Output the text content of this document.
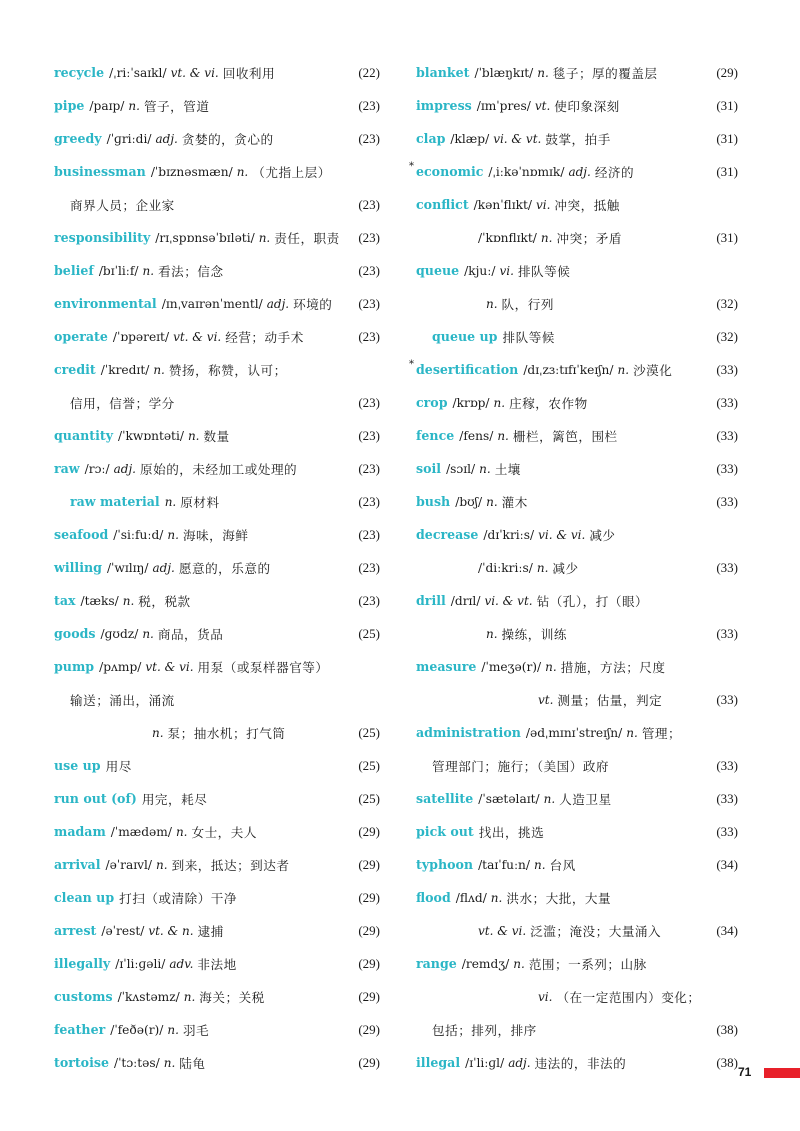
recycle /ˌriːˈsaɪkl/ vt. & vi. 回收利用	(22)
pipe /paɪp/ n. 管子，管道	(23)
greedy /ˈɡriːdi/ adj. 贪婪的，贪心的	(23)
businessman /ˈbɪznəsmæn/ n. （尤指上层）
商界人员；企业家	(23)
responsibility /rɪˌspɒnsəˈbɪləti/ n. 责任，职责 (23)
belief /bɪˈliːf/ n. 看法；信念	(23)
environmental /ɪnˌvaɪrənˈmentl/ adj. 环境的 (23)
operate /ˈɒpəreɪt/ vt. & vi. 经营；动手术	(23)
credit /ˈkredɪt/ n. 赞扬，称赞，认可；
信用，信誉；学分	(23)
quantity /ˈkwɒntəti/ n. 数量	(23)
raw /rɔː/ adj. 原始的，未经加工或处理的	(23)
raw material n. 原材料	(23)
seafood /ˈsiːfuːd/ n. 海味，海鲜	(23)
willing /ˈwɪlɪŋ/ adj. 愿意的，乐意的	(23)
tax /tæks/ n. 税，税款	(23)
goods /ɡʊdz/ n. 商品，货品	(25)
pump /pʌmp/ vt. & vi. 用泵（或泵样器官等）
输送；涌出，涌流
n. 泵；抽水机；打气筒	(25)
use up 用尽	(25)
run out (of) 用完，耗尽	(25)
madam /ˈmædəm/ n. 女士，夫人	(29)
arrival /əˈraɪvl/ n. 到来，抵达；到达者	(29)
clean up 打扫（或清除）干净	(29)
arrest /əˈrest/ vt. & n. 逮捕	(29)
illegally /ɪˈliːɡəli/ adv. 非法地	(29)
customs /ˈkʌstəmz/ n. 海关；关税	(29)
feather /ˈfeðə(r)/ n. 羽毛	(29)
tortoise /ˈtɔːtəs/ n. 陆龟	(29)
blanket /ˈblæŋkɪt/ n. 毯子；厚的覆盖层	(29)
impress /ɪmˈpres/ vt. 使印象深刻	(31)
clap /klæp/ vi. & vt. 鼓掌，拍手	(31)
* economic /ˌiːkəˈnɒmɪk/ adj. 经济的	(31)
conflict /kənˈflɪkt/ vi. 冲突，抵触
/ˈkɒnflɪkt/ n. 冲突；矛盾	(31)
queue /kjuː/ vi. 排队等候
n. 队，行列	(32)
queue up 排队等候	(32)
* desertification /dɪˌzɜːtɪfɪˈkeɪʃn/ n. 沙漠化	(33)
crop /krɒp/ n. 庄稼，农作物	(33)
fence /fens/ n. 栅栏，篱笆，围栏	(33)
soil /sɔɪl/ n. 土壤	(33)
bush /bʊʃ/ n. 灌木	(33)
decrease /dɪˈkriːs/ vi. & vi. 减少
/ˈdiːkriːs/ n. 减少	(33)
drill /drɪl/ vi. & vt. 钻（孔），打（眼）
n. 操练，训练	(33)
measure /ˈmeʒə(r)/ n. 措施，方法；尺度
vt. 测量；估量，判定	(33)
administration /ədˌmɪnɪˈstreɪʃn/ n. 管理；
管理部门；施行；（美国）政府	(33)
satellite /ˈsætəlaɪt/ n. 人造卫星	(33)
pick out 找出，挑选	(33)
typhoon /taɪˈfuːn/ n. 台风	(34)
flood /flʌd/ n. 洪水；大批，大量
vt. & vi. 泛滥；淹没；大量涌入	(34)
range /remdʒ/ n. 范围；一系列；山脉
vi. （在一定范围内）变化；
包括；排列，排序	(38)
illegal /ɪˈliːɡl/ adj. 违法的，非法的	(38)
71
